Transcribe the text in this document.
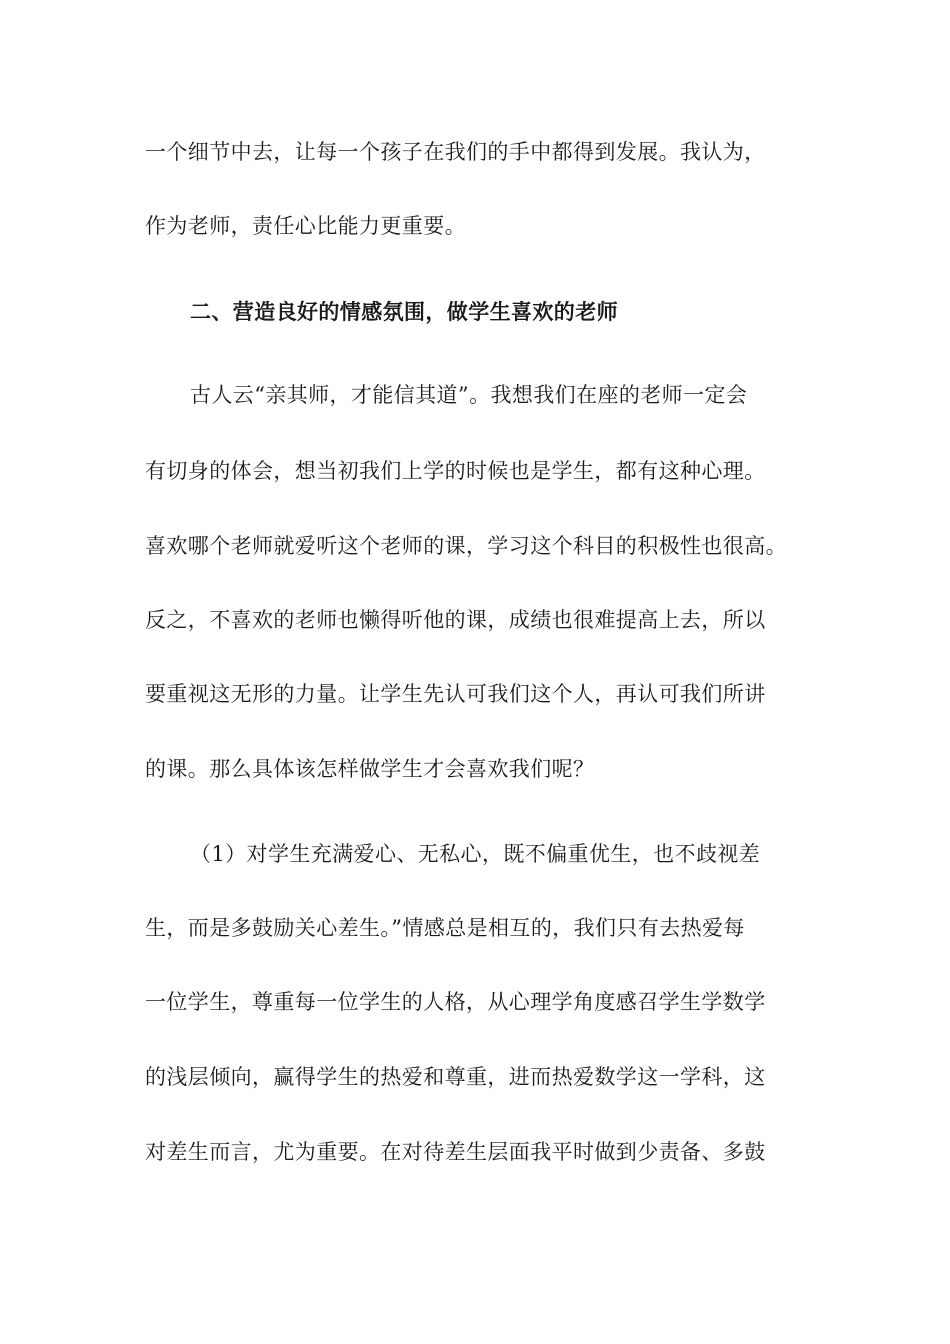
一个细节中去，让每一个孩子在我们的手中都得到发展。我认为，
作为老师，责任心比能力更重要。
二、营造良好的情感氛围，做学生喜欢的老师
古人云“亲其师，才能信其道”。我想我们在座的老师一定会
有切身的体会，想当初我们上学的时候也是学生，都有这种心理。
喜欢哪个老师就爱听这个老师的课，学习这个科目的积极性也很高。
反之，不喜欢的老师也懒得听他的课，成绩也很难提高上去，所以
要重视这无形的力量。让学生先认可我们这个人，再认可我们所讲
的课。那么具体该怎样做学生才会喜欢我们呢？
（1）对学生充满爱心、无私心，既不偏重优生，也不歧视差
生，而是多鼓励关心差生。”情感总是相互的，我们只有去热爱每
一位学生，尊重每一位学生的人格，从心理学角度感召学生学数学
的浅层倾向，赢得学生的热爱和尊重，进而热爱数学这一学科，这
对差生而言，尤为重要。在对待差生层面我平时做到少责备、多鼓
